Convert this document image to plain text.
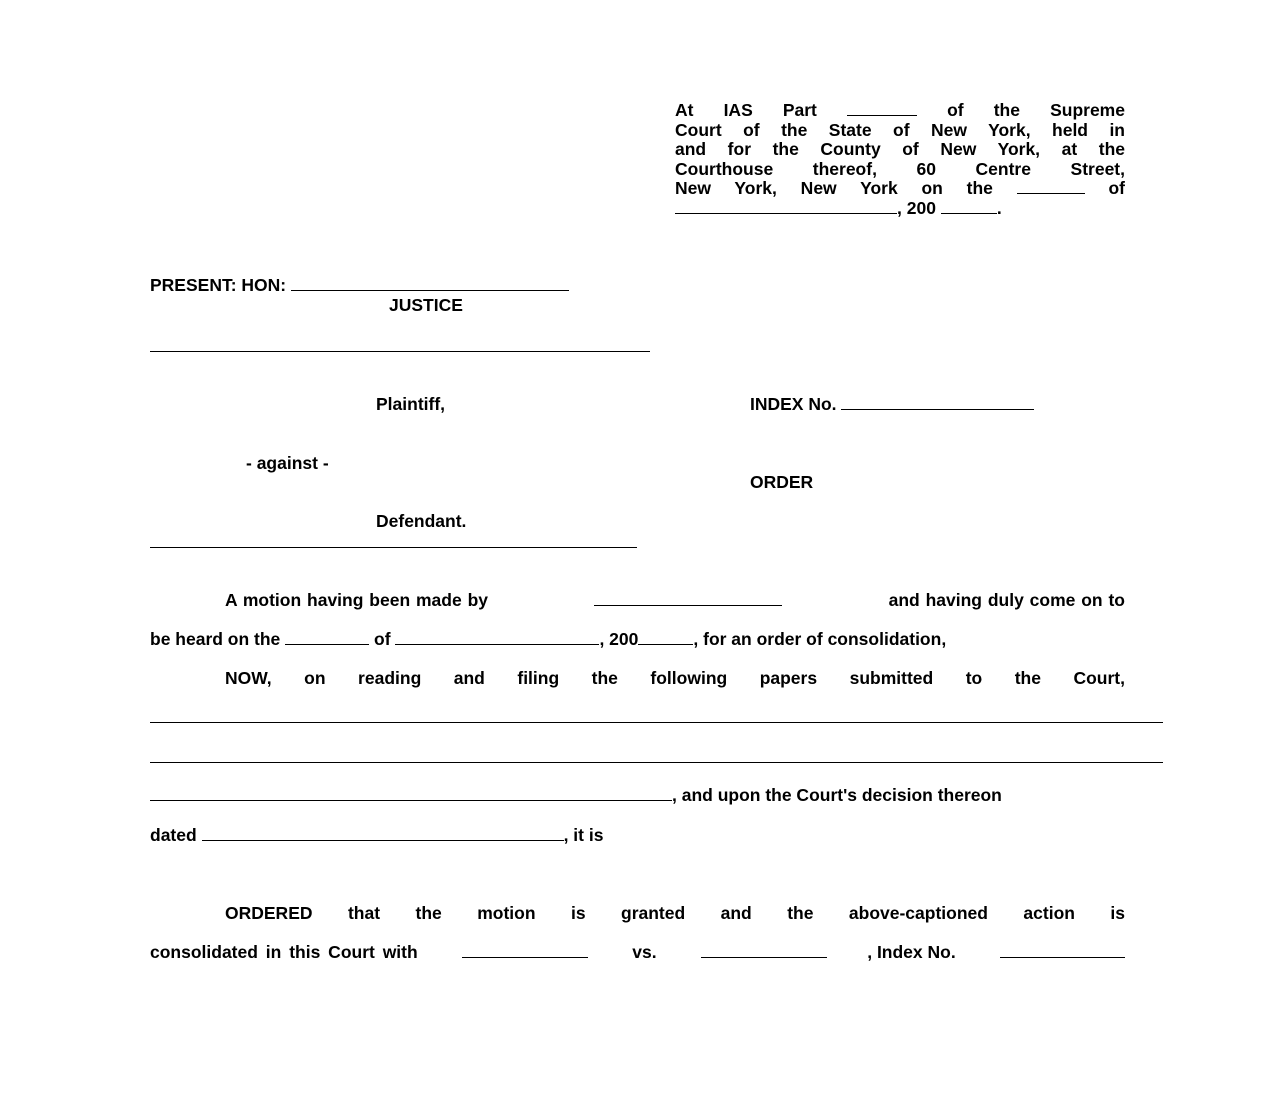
At IAS Part	of the Supreme
Court of the State of New York, held in
and for the County of New York, at the
Courthouse thereof, 60 Centre Street,
New York, New York on the	of
, 200	.
PRESENT: HON:
JUSTICE
Plaintiff,	INDEX No.
- against -
ORDER
Defendant.
A motion having been made by	and having duly come on to
be heard on the	of	, 200	, for an order of consolidation,
NOW, on reading and filing the following papers submitted to the Court,
, and upon the Court's decision thereon
dated	, it is
ORDERED that the motion is granted and the above-captioned action is
consolidated in this Court with	vs.	, Index No.
